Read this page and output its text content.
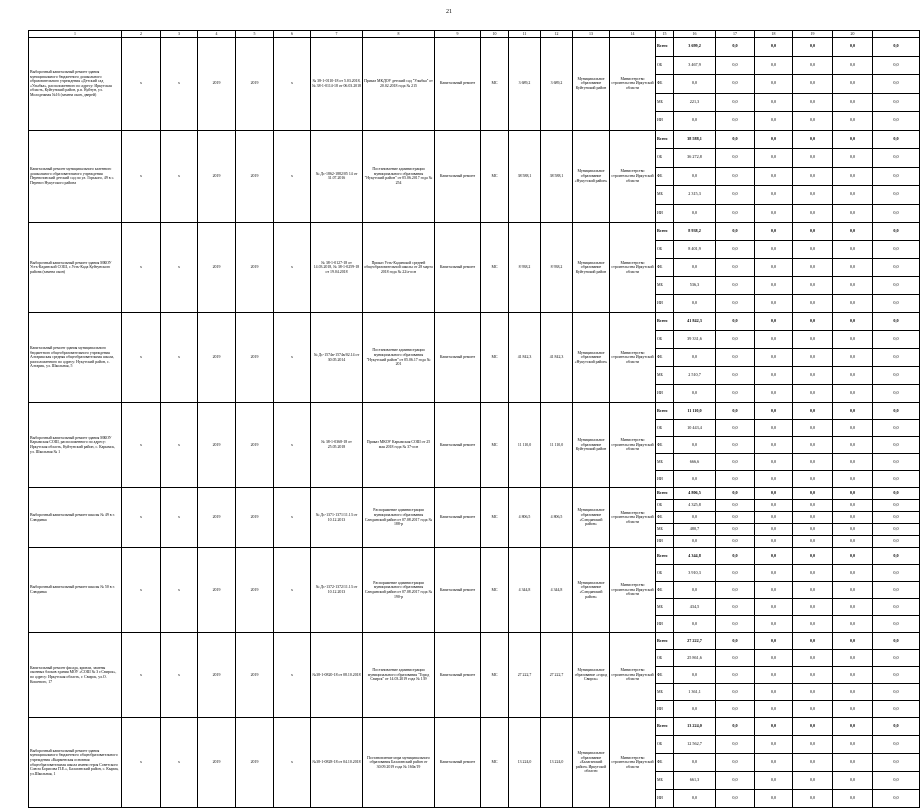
21
1	2	3	4	5	6	7	8	9	10	11	12	13	14	15	16	17	18	19	20	
Выборочный капитальный ремонт здания муниципального бюджетного дошкольного образовательного учреждения «Детский сад «Улыбка», расположенного по адресу: Иркутская область, Куйтунский район, р.п. Куйтун, ул. Молодежная №16 (замена окон, дверей)	х	х	2019	2019	х	№ 38-1-0110-18 от 5.03.2018, № 38-1-0114-18 от 06.03.2018	Приказ МКДОУ детский сад "Улыбка" от 20.02.2018 года № 215	Капитальный ремонт	МС	3 689,2	3 689,2	Муниципальное образование Куйтунский район	Министерство строительства Иркутской области	Всего	3 699,2	0,0	0,0	0,0	0,0	0,0
														ОБ	3 467,9	0,0	0,0	0,0	0,0	0,0
														ФБ	0,0	0,0	0,0	0,0	0,0	0,0
														МБ	221,3	0,0	0,0	0,0	0,0	0,0
														ИИ	0,0	0,0	0,0	0,0	0,0	0,0
Капитальный ремонт муниципального казенного дошкольного образовательного учреждения Перевозовский детский сад по ул. Горького, 49 в с. Перевоз Нукутского района	х	х	2019	2019	х	№ Дс-1862-1882/05 14 от 31.07.2016	Постановление администрации муниципального образования "Нукутский район" от 05.06.2017 года № 254	Капитальный ремонт	МС	38 588,1	38 588,1	Муниципальное образование «Нукутский район»	Министерство строительства Иркутской области	Всего	38 588,1	0,0	0,0	0,0	0,0	0,0
														ОБ	36 272,8	0,0	0,0	0,0	0,0	0,0
														ФБ	0,0	0,0	0,0	0,0	0,0	0,0
														МБ	2 315,3	0,0	0,0	0,0	0,0	0,0
														ИИ	0,0	0,0	0,0	0,0	0,0	0,0
Выборочный капитальный ремонт здания МКОУ Усть-Кадинской СОШ, с.Усть-Када Куйтунского района (замена окон)	х	х	2019	2019	х	№ 38-1-0127-18 от 14.03.2018, № 38-1-0259-18 от 19.04.2018	Приказ Усть-Кадинской средней общеобразовательной школы от 28 марта 2018 года № 22/а-осн	Капитальный ремонт	МС	8 938,2	8 938,2	Муниципальное образование Куйтунский район	Министерство строительства Иркутской области	Всего	8 938,2	0,0	0,0	0,0	0,0	0,0
														ОБ	8 401,9	0,0	0,0	0,0	0,0	0,0
														ФБ	0,0	0,0	0,0	0,0	0,0	0,0
														МБ	536,3	0,0	0,0	0,0	0,0	0,0
														ИИ	0,0	0,0	0,0	0,0	0,0	0,0
Капитальный ремонт здания муниципального бюджетного общеобразовательного учреждения Алтарикская средняя общеобразовательная школа, расположенного по адресу: Нукутский район, с. Алтарик, ул. Школьная, 5	х	х	2019	2019	х	№ Дс-1574в-1574в/02.14 от 30.05.2014	Постановление администрации муниципального образования "Нукутский район" от 05.06.17 года № 201	Капитальный ремонт	МС	41 842,3	41 842,3	Муниципальное образование «Нукутский район»	Министерство строительства Иркутской области	Всего	41 842,3	0,0	0,0	0,0	0,0	0,0
														ОБ	39 331,6	0,0	0,0	0,0	0,0	0,0
														ФБ	0,0	0,0	0,0	0,0	0,0	0,0
														МБ	2 510,7	0,0	0,0	0,0	0,0	0,0
														ИИ	0,0	0,0	0,0	0,0	0,0	0,0
Выборочный капитальный ремонт здания МКОУ Карымская СОШ, расположенного по адресу: Иркутская область, Куйтунский район, с. Карымск, ул. Школьная № 1	х	х	2019	2019	х	№ 38-1-0368-18 от 25.05.2018	Приказ МКОУ Карымская СОШ от 25 мая 2018 года № 37-осн	Капитальный ремонт	МС	11 110,0	11 110,0	Муниципальное образование Куйтунский район	Министерство строительства Иркутской области	Всего	11 110,0	0,0	0,0	0,0	0,0	0,0
														ОБ	10 443,4	0,0	0,0	0,0	0,0	0,0
														ФБ	0,0	0,0	0,0	0,0	0,0	0,0
														МБ	666,6	0,0	0,0	0,0	0,0	0,0
														ИИ	0,0	0,0	0,0	0,0	0,0	0,0
Выборочный капитальный ремонт школы № 49 в г. Слюдянка	х	х	2019	2019	х	№ Дс-1371-1371/11.13 от 10.12.2013	Распоряжение администрации муниципального образования Слюдянский район от 07.08.2017 года № 188-р	Капитальный ремонт	МС	4 806,5	4 806,5	Муниципальное образование «Слюдянский район»	Министерство строительства Иркутской области	Всего	4 806,5	0,0	0,0	0,0	0,0	0,0
														ОБ	4 325,8	0,0	0,0	0,0	0,0	0,0
														ФБ	0,0	0,0	0,0	0,0	0,0	0,0
														МБ	480,7	0,0	0,0	0,0	0,0	0,0
														ИИ	0,0	0,0	0,0	0,0	0,0	0,0
Выборочный капитальный ремонт школы № 50 в г. Слюдянка	х	х	2019	2019	х	№ Дс-1372-1372/11.13 от 10.12.2013	Распоряжение администрации муниципального образования Слюдянский район от 07.08.2017 года № 190-р	Капитальный ремонт	МС	4 344,8	4 344,8	Муниципальное образование «Слюдянский район»	Министерство строительства Иркутской области	Всего	4 344,8	0,0	0,0	0,0	0,0	0,0
														ОБ	3 910,3	0,0	0,0	0,0	0,0	0,0
														ФБ	0,0	0,0	0,0	0,0	0,0	0,0
														МБ	434,5	0,0	0,0	0,0	0,0	0,0
														ИИ	0,0	0,0	0,0	0,0	0,0	0,0
Капитальный ремонт фасада, кровли, замены оконных блоков здания МОУ «СОШ № 3 г.Свирск», по адресу: Иркутская область, г. Свирск, ул.О. Кошевого, 17	х	х	2019	2019	х	№38-1-0820-18 от 08.10.2018	Постановление администрации муниципального образования "Город Свирск" от 14.03.2019 года № 139	Капитальный ремонт	МС	27 222,7	27 222,7	Муниципальное образование «город Свирск»	Министерство строительства Иркутской области	Всего	27 222,7	0,0	0,0	0,0	0,0	0,0
														ОБ	25 861,6	0,0	0,0	0,0	0,0	0,0
														ФБ	0,0	0,0	0,0	0,0	0,0	0,0
														МБ	1 361,1	0,0	0,0	0,0	0,0	0,0
														ИИ	0,0	0,0	0,0	0,0	0,0	0,0
Выборочный капитальный ремонт здания муниципального бюджетного общеобразовательного учреждения «Кырменская основная общеобразовательная школа имени героя Советского Союза Борисова П.Е.», Балаганский район, с. Кырма, ул.Школьная, 1	х	х	2019	2019	х	№38-1-0828-18 от 04.10.2018	Постановление мэра муниципального образования Балаганский район от 30.09.2019 года № 160а/19	Капитальный ремонт	МС	13 224,0	13 224,0	Муниципальное образование «Балаганский район» Иркутской области	Министерство строительства Иркутской области	Всего	13 224,0	0,0	0,0	0,0	0,0	0,0
														ОБ	12 562,7	0,0	0,0	0,0	0,0	0,0
														ФБ	0,0	0,0	0,0	0,0	0,0	0,0
														МБ	661,3	0,0	0,0	0,0	0,0	0,0
														ИИ	0,0	0,0	0,0	0,0	0,0	0,0
